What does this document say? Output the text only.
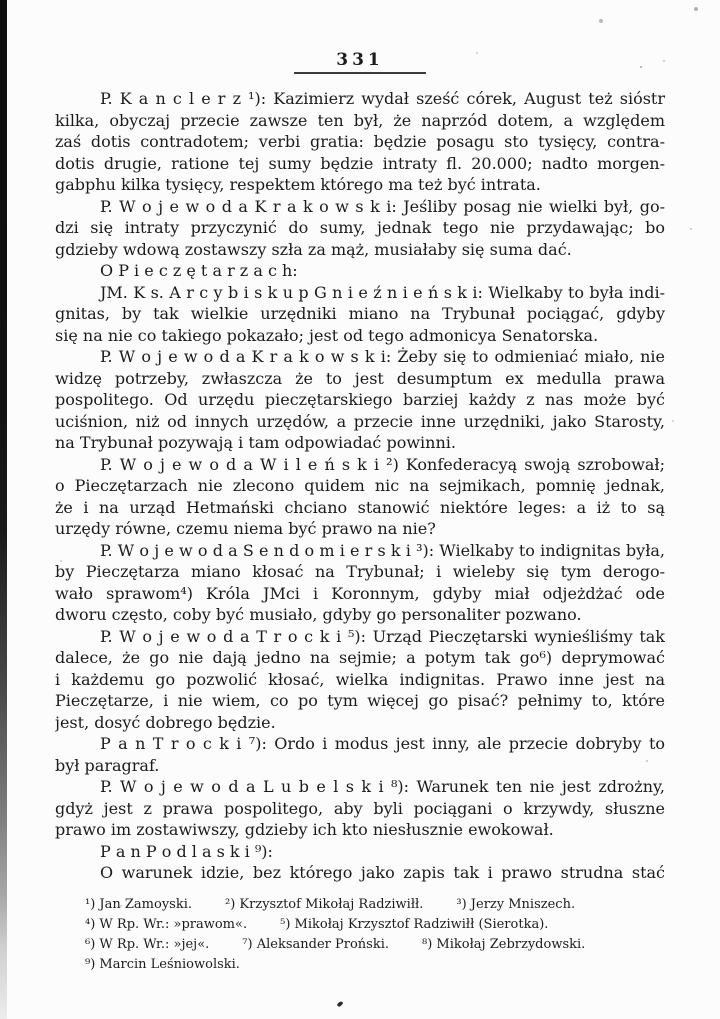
331
P. K a n c l e r z ¹): Kazimierz wydał sześć córek, August też sióstr
kilka, obyczaj przecie zawsze ten był, że naprzód dotem, a względem
zaś dotis contradotem; verbi gratia: będzie posagu sto tysięcy, contra-
dotis drugie, ratione tej sumy będzie intraty fl. 20.000; nadto morgen-
gabphu kilka tysięcy, respektem którego ma też być intrata.
P. W o j e w o d a K r a k o w s k i: Jeśliby posag nie wielki był, go-
dzi się intraty przyczynić do sumy, jednak tego nie przydawając; bo
gdzieby wdową zostawszy szła za mąż, musiałaby się suma dać.
O P i e c z ę t a r z a c h:
JM. K s. A r c y b i s k u p G n i e ź n i e ń s k i: Wielkaby to była indi-
gnitas, by tak wielkie urzędniki miano na Trybunał pociągać, gdyby
się na nie co takiego pokazało; jest od tego admonicya Senatorska.
P. W o j e w o d a K r a k o w s k i: Żeby się to odmieniać miało, nie
widzę potrzeby, zwłaszcza że to jest desumptum ex medulla prawa
pospolitego. Od urzędu pieczętarskiego barziej każdy z nas może być
uciśnion, niż od innych urzędów, a przecie inne urzędniki, jako Starosty,
na Trybunał pozywają i tam odpowiadać powinni.
P. W o j e w o d a W i l e ń s k i ²) Konfederacyą swoją szrobował;
o Pieczętarzach nie zlecono quidem nic na sejmikach, pomnię jednak,
że i na urząd Hetmański chciano stanowić niektóre leges: a iż to są
urzędy równe, czemu niema być prawo na nie?
P. W o j e w o d a S e n d o m i e r s k i ³): Wielkaby to indignitas była,
by Pieczętarza miano kłosać na Trybunał; i wieleby się tym derogo-
wało sprawom⁴) Króla JMci i Koronnym, gdyby miał odjeżdżać ode
dworu często, coby być musiało, gdyby go personaliter pozwano.
P. W o j e w o d a T r o c k i ⁵): Urząd Pieczętarski wynieśliśmy tak
dalece, że go nie dają jedno na sejmie; a potym tak go⁶) deprymować
i każdemu go pozwolić kłosać, wielka indignitas. Prawo inne jest na
Pieczętarze, i nie wiem, co po tym więcej go pisać? pełnimy to, które
jest, dosyć dobrego będzie.
P a n T r o c k i ⁷): Ordo i modus jest inny, ale przecie dobryby to
był paragraf.
P. W o j e w o d a L u b e l s k i ⁸): Warunek ten nie jest zdrożny,
gdyż jest z prawa pospolitego, aby byli pociągani o krzywdy, słuszne
prawo im zostawiwszy, gdzieby ich kto niesłusznie ewokował.
P a n P o d l a s k i ⁹):
O warunek idzie, bez którego jako zapis tak i prawo strudna stać
¹) Jan Zamoyski.	²) Krzysztof Mikołaj Radziwiłł.	³) Jerzy Mniszech.
⁴) W Rp. Wr.: »prawom«.	⁵) Mikołaj Krzysztof Radziwiłł (Sierotka).
⁶) W Rp. Wr.: »jej«.	⁷) Aleksander Proński.	⁸) Mikołaj Zebrzydowski.
⁹) Marcin Leśniowolski.
